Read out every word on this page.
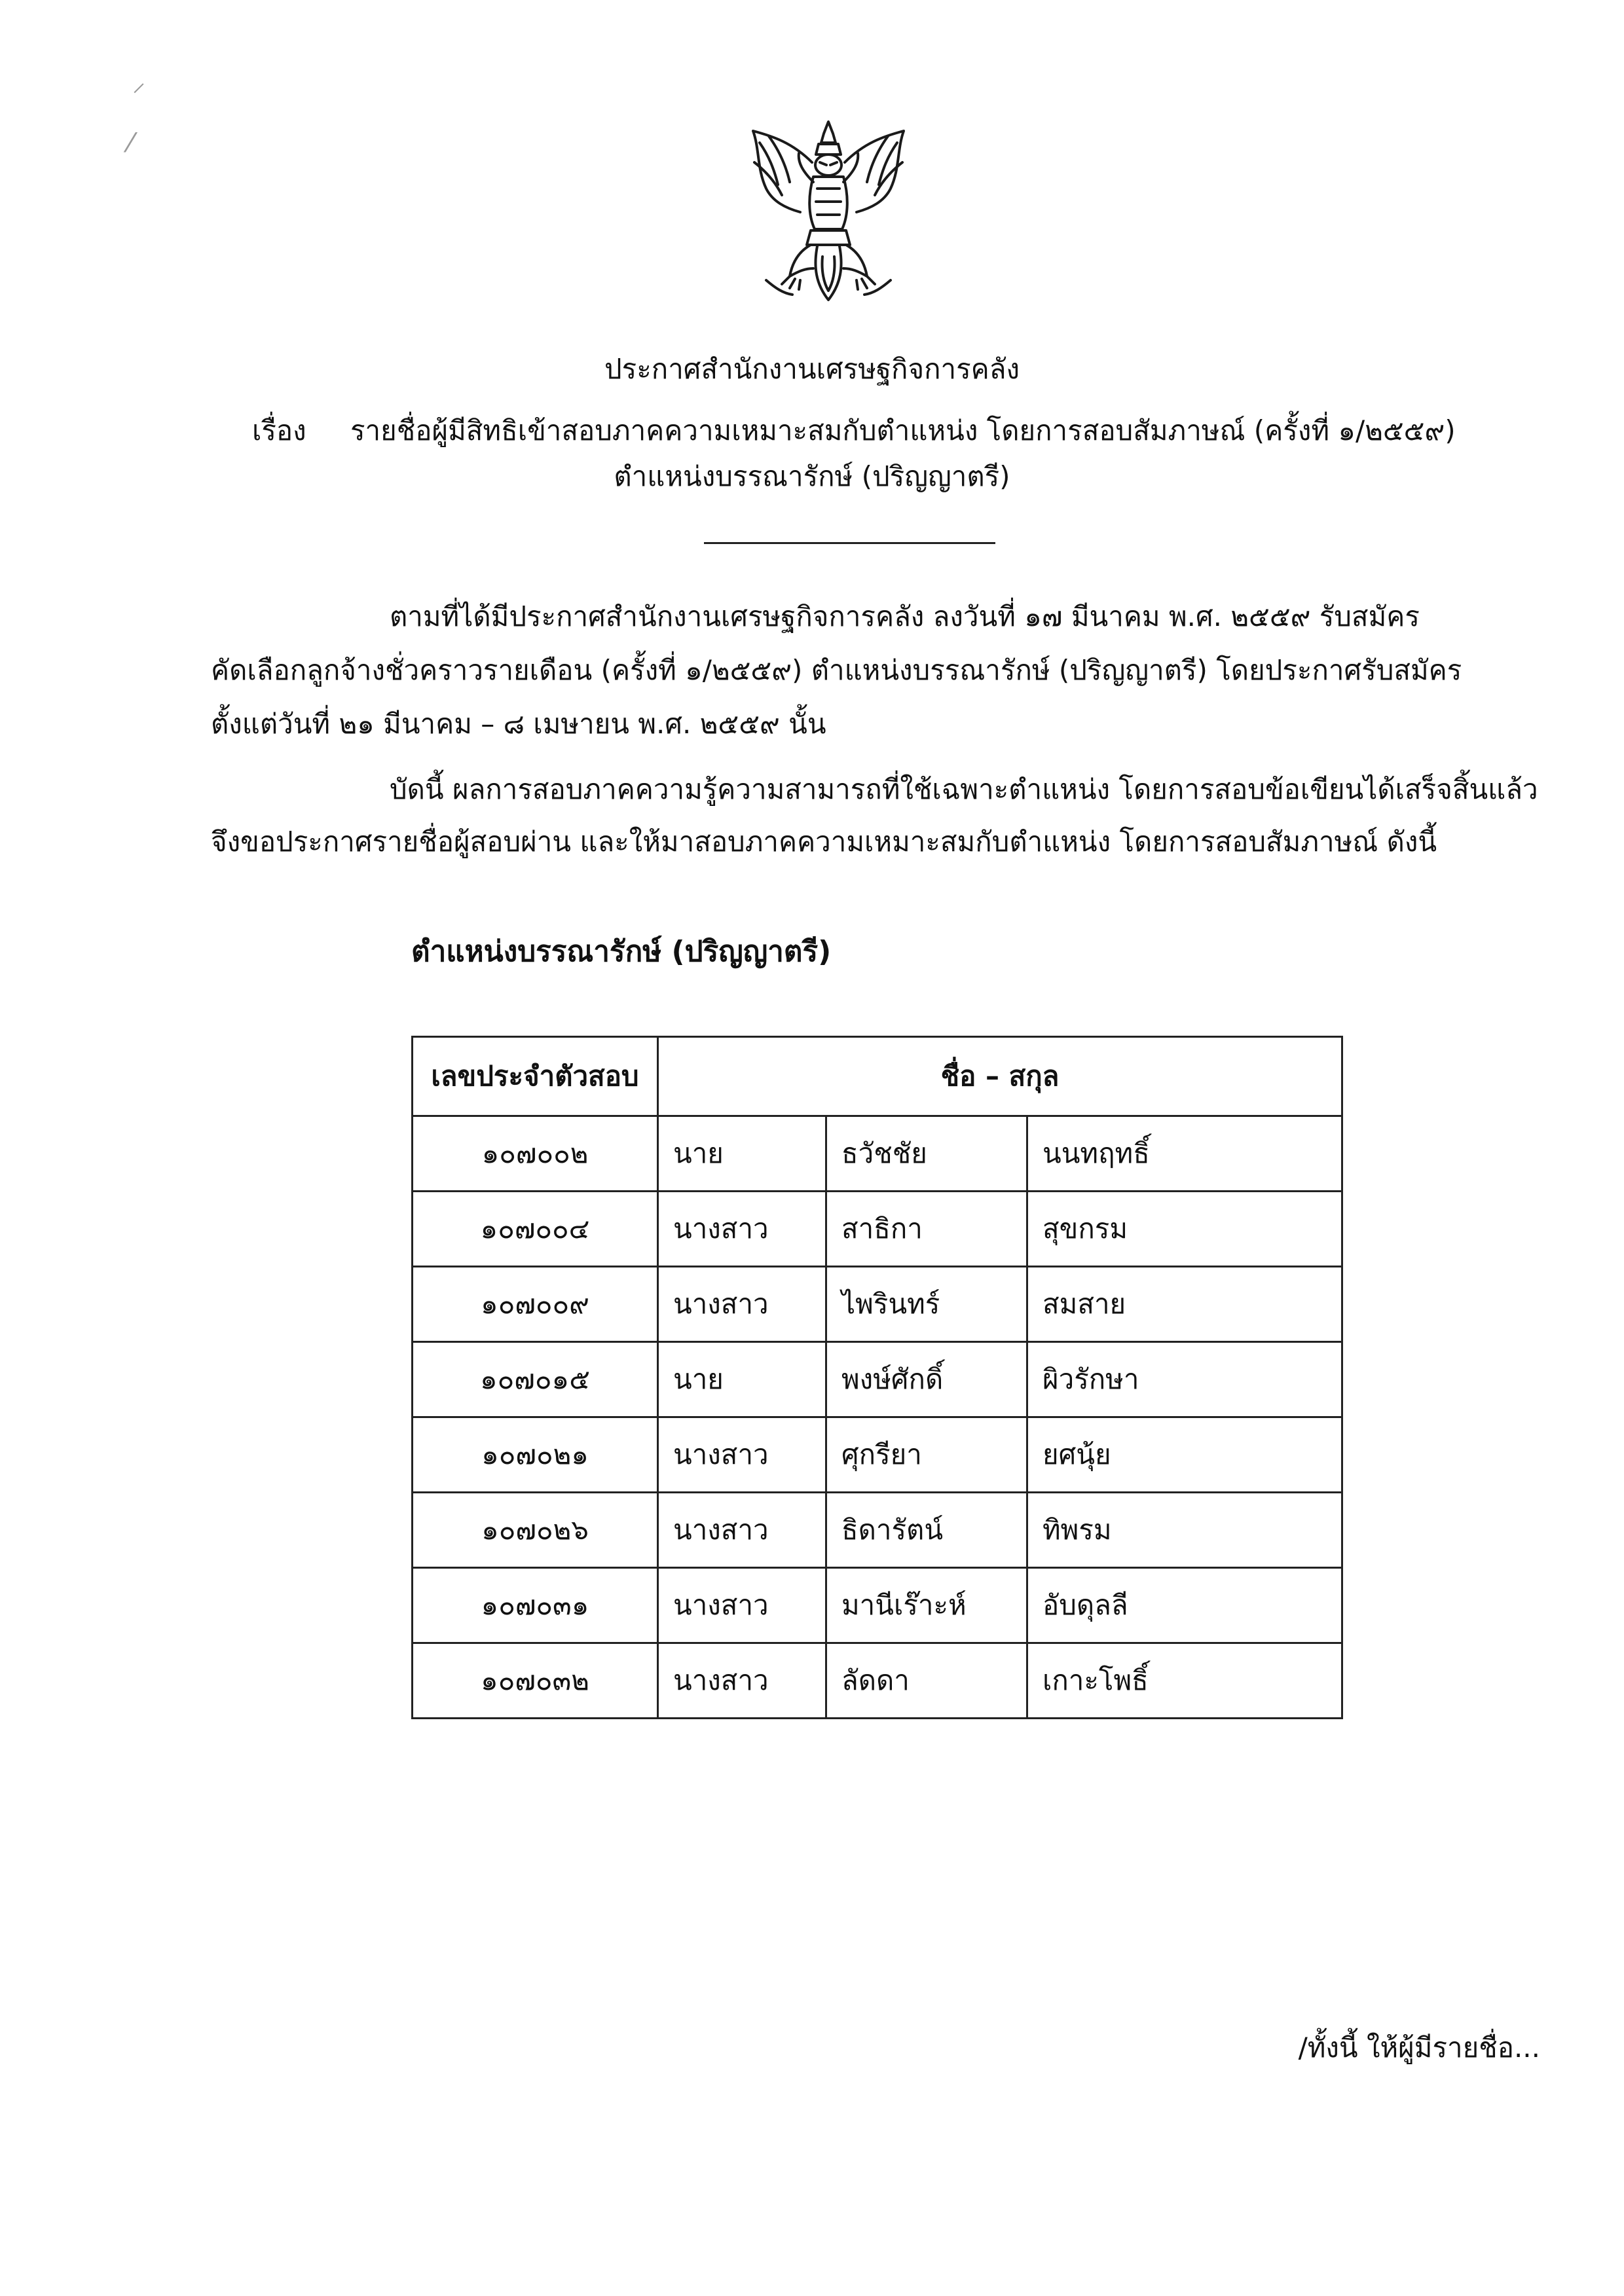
⸝
⁄
ประกาศสำนักงานเศรษฐกิจการคลัง
เรื่อง รายชื่อผู้มีสิทธิเข้าสอบภาคความเหมาะสมกับตำแหน่ง โดยการสอบสัมภาษณ์ (ครั้งที่ ๑/๒๕๕๙)
ตำแหน่งบรรณารักษ์ (ปริญญาตรี)
ตามที่ได้มีประกาศสำนักงานเศรษฐกิจการคลัง ลงวันที่ ๑๗ มีนาคม พ.ศ. ๒๕๕๙ รับสมัคร
คัดเลือกลูกจ้างชั่วคราวรายเดือน (ครั้งที่ ๑/๒๕๕๙) ตำแหน่งบรรณารักษ์ (ปริญญาตรี) โดยประกาศรับสมัคร
ตั้งแต่วันที่ ๒๑ มีนาคม – ๘ เมษายน พ.ศ. ๒๕๕๙ นั้น
บัดนี้ ผลการสอบภาคความรู้ความสามารถที่ใช้เฉพาะตำแหน่ง โดยการสอบข้อเขียนได้เสร็จสิ้นแล้ว
จึงขอประกาศรายชื่อผู้สอบผ่าน และให้มาสอบภาคความเหมาะสมกับตำแหน่ง โดยการสอบสัมภาษณ์ ดังนี้
ตำแหน่งบรรณารักษ์ (ปริญญาตรี)
เลขประจำตัวสอบ	ชื่อ – สกุล		
๑๐๗๐๐๒	นาย	ธวัชชัย	นนทฤทธิ์
๑๐๗๐๐๔	นางสาว	สาธิกา	สุขกรม
๑๐๗๐๐๙	นางสาว	ไพรินทร์	สมสาย
๑๐๗๐๑๕	นาย	พงษ์ศักดิ์	ผิวรักษา
๑๐๗๐๒๑	นางสาว	ศุกรียา	ยศนุ้ย
๑๐๗๐๒๖	นางสาว	ธิดารัตน์	ทิพรม
๑๐๗๐๓๑	นางสาว	มานีเร๊าะห์	อับดุลลี
๑๐๗๐๓๒	นางสาว	ลัดดา	เกาะโพธิ์
/ทั้งนี้ ให้ผู้มีรายชื่อ...
